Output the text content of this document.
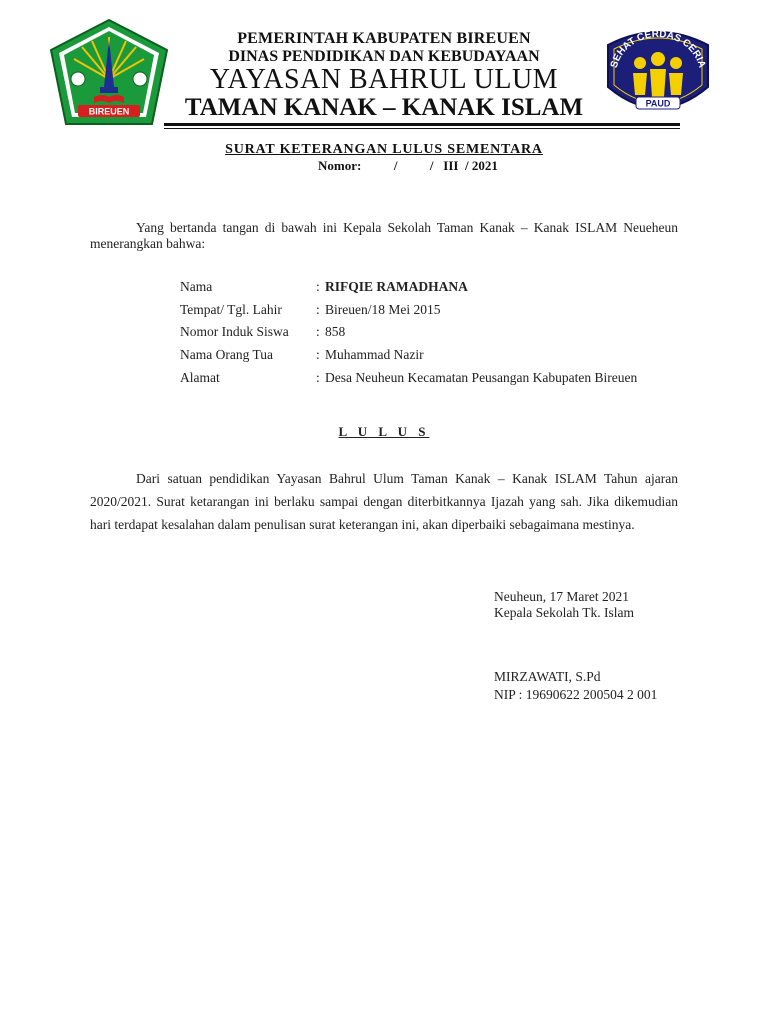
BIREUEN
PEMERINTAH KABUPATEN BIREUEN
DINAS PENDIDIKAN DAN KEBUDAYAAN
YAYASAN BAHRUL ULUM
TAMAN KANAK – KANAK ISLAM
SEHAT CERDAS CERIA
PAUD
SURAT KETERANGAN LULUS SEMENTARA
Nomor:          /          /   III  / 2021
Yang bertanda tangan di bawah ini Kepala Sekolah Taman Kanak – Kanak ISLAM Neueheun menerangkan bahwa:
Nama	: RIFQIE RAMADHANA
Tempat/ Tgl. Lahir	: Bireuen/18 Mei 2015
Nomor Induk Siswa	: 858
Nama Orang Tua	: Muhammad Nazir
Alamat	: Desa Neuheun Kecamatan Peusangan Kabupaten Bireuen
L U L U S
Dari satuan pendidikan Yayasan Bahrul Ulum Taman Kanak – Kanak ISLAM Tahun ajaran 2020/2021. Surat ketarangan ini berlaku sampai dengan diterbitkannya Ijazah yang sah. Jika dikemudian hari terdapat kesalahan dalam penulisan surat keterangan ini, akan diperbaiki sebagaimana mestinya.
Neuheun, 17 Maret 2021
Kepala Sekolah Tk. Islam
MIRZAWATI, S.Pd
NIP : 19690622 200504 2 001
